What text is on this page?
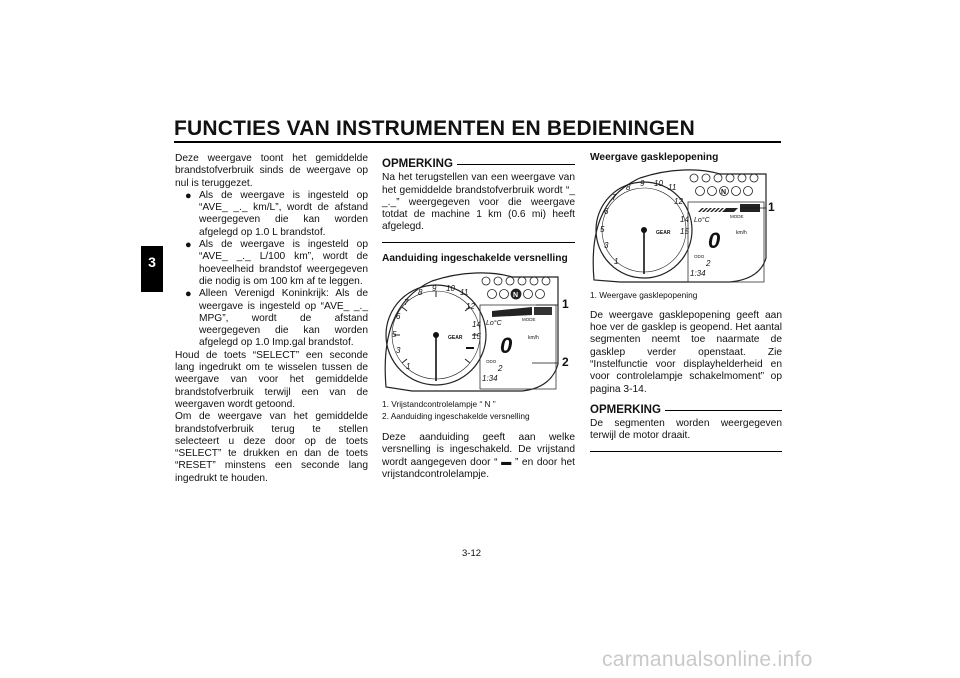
FUNCTIES VAN INSTRUMENTEN EN BEDIENINGEN
3

Deze weergave toont het gemiddelde brandstofverbruik sinds de weergave op nul is teruggezet.

● Als de weergave is ingesteld op “AVE_ _._ km/L”, wordt de afstand weergegeven die kan worden afgelegd op 1.0 L brandstof.
● Als de weergave is ingesteld op “AVE_ _._ L/100 km”, wordt de hoeveelheid brandstof weergegeven die nodig is om 100 km af te leggen.
● Alleen Verenigd Koninkrijk: Als de weergave is ingesteld op “AVE_ _._ MPG”, wordt de afstand weergegeven die kan worden afgelegd op 1.0 Imp.gal brandstof.

Houd de toets “SELECT” een seconde lang ingedrukt om te wisselen tussen de weergave van voor het gemiddelde brandstofverbruik terwijl een van de weergaven wordt getoond.

Om de weergave van het gemiddelde brandstofverbruik terug te stellen selecteert u deze door op de toets “SELECT” te drukken en dan de toets “RESET” minstens een seconde lang ingedrukt te houden.

OPMERKING

Na het terugstellen van een weergave van het gemiddelde brandstofverbruik wordt “_ _._” weergegeven voor die weergave totdat de machine 1 km (0.6 mi) heeft afgelegd.

Aanduiding ingeschakelde versnelling
1
3
5
6
7
8 9 10 11
12
14
15
N
Lo°C
MODE
GEAR 0	km/h
ODO
2
1:34
1
2
1. Vrijstandcontrolelampje “ N ”
2. Aanduiding ingeschakelde versnelling

Deze aanduiding geeft aan welke versnelling is ingeschakeld. De vrijstand wordt aangegeven door “ ▬ ” en door het vrijstandcontrolelampje.

Weergave gasklepopening
1
3
5
6
7
8 9 10 11
12
14
15
N
Lo°C
MODE
GEAR 0	km/h
ODO
2
1:34
1
1. Weergave gasklepopening

De weergave gasklepopening geeft aan hoe ver de gasklep is geopend. Het aantal segmenten neemt toe naarmate de gasklep verder openstaat. Zie “Instelfunctie voor displayhelderheid en voor controlelampje schakelmoment” op pagina 3-14.

OPMERKING

De segmenten worden weergegeven terwijl de motor draait.

3-12
carmanualsonline.info
